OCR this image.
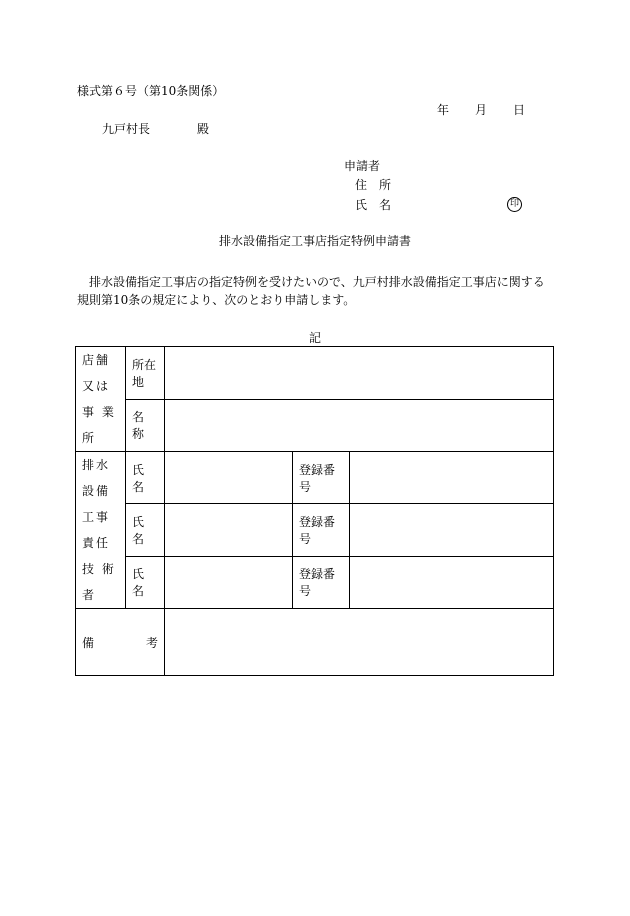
様式第６号（第10条関係）
年 月 日
九戸村長	殿
申請者
住　所
氏　名	印
排水設備指定工事店指定特例申請書
排水設備指定工事店の指定特例を受けたいので、九戸村排水設備指定工事店に関する規則第10条の規定により、次のとおり申請します。
記
店舗又は
事 業 所	所在地			
	名　称			

排水設備
工事責任
技 術 者	氏　名		登録番号	
	氏　名		登録番号	
	氏　名		登録番号	

備 考				
